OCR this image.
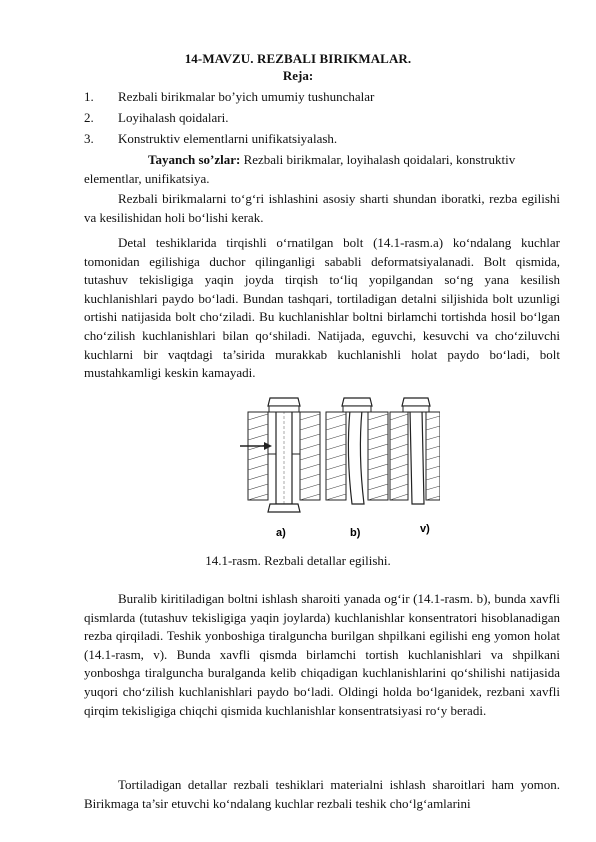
14-MAVZU. REZBALI BIRIKMALAR.
Reja:
1.	Rezbali birikmalar bo’yich umumiy tushunchalar
2.	Loyihalash qoidalari.
3.	Konstruktiv elementlarni unifikatsiyalash.
Tayanch so’zlar: Rezbali birikmalar, loyihalash qoidalari, konstruktiv elementlar, unifikatsiya.

Rezbali birikmalarni to‘g‘ri ishlashini asosiy sharti shundan iboratki, rezba egilishi va kesilishidan holi bo‘lishi kerak.

Detal teshiklarida tirqishli o‘rnatilgan bolt (14.1-rasm.a) ko‘ndalang kuchlar tomonidan egilishiga duchor qilinganligi sababli deformatsiyalanadi. Bolt qismida, tutashuv tekisligiga yaqin joyda tirqish to‘liq yopilgandan so‘ng yana kesilish kuchlanishlari paydo bo‘ladi. Bundan tashqari, tortiladigan detalni siljishida bolt uzunligi ortishi natijasida bolt cho‘ziladi. Bu kuchlanishlar boltni birlamchi tortishda hosil bo‘lgan cho‘zilish kuchlanishlari bilan qo‘shiladi. Natijada, eguvchi, kesuvchi va cho‘ziluvchi kuchlarni bir vaqtdagi ta’sirida murakkab kuchlanishli holat paydo bo‘ladi, bolt mustahkamligi keskin kamayadi.

a)	b)	v)
14.1-rasm. Rezbali detallar egilishi.

Buralib kiritiladigan boltni ishlash sharoiti yanada og‘ir (14.1-rasm. b), bunda xavfli qismlarda (tutashuv tekisligiga yaqin joylarda) kuchlanishlar konsentratori hisoblanadigan rezba qirqiladi. Teshik yonboshiga tiralguncha burilgan shpilkani egilishi eng yomon holat (14.1-rasm, v). Bunda xavfli qismda birlamchi tortish kuchlanishlari va shpilkani yonboshga tiralguncha buralganda kelib chiqadigan kuchlanishlarini qo‘shilishi natijasida yuqori cho‘zilish kuchlanishlari paydo bo‘ladi. Oldingi holda bo‘lganidek, rezbani xavfli qirqim tekisligiga chiqchi qismida kuchlanishlar konsentratsiyasi ro‘y beradi.

Tortiladigan detallar rezbali teshiklari materialni ishlash sharoitlari ham yomon. Birikmaga ta’sir etuvchi ko‘ndalang kuchlar rezbali teshik cho‘lg‘amlarini
